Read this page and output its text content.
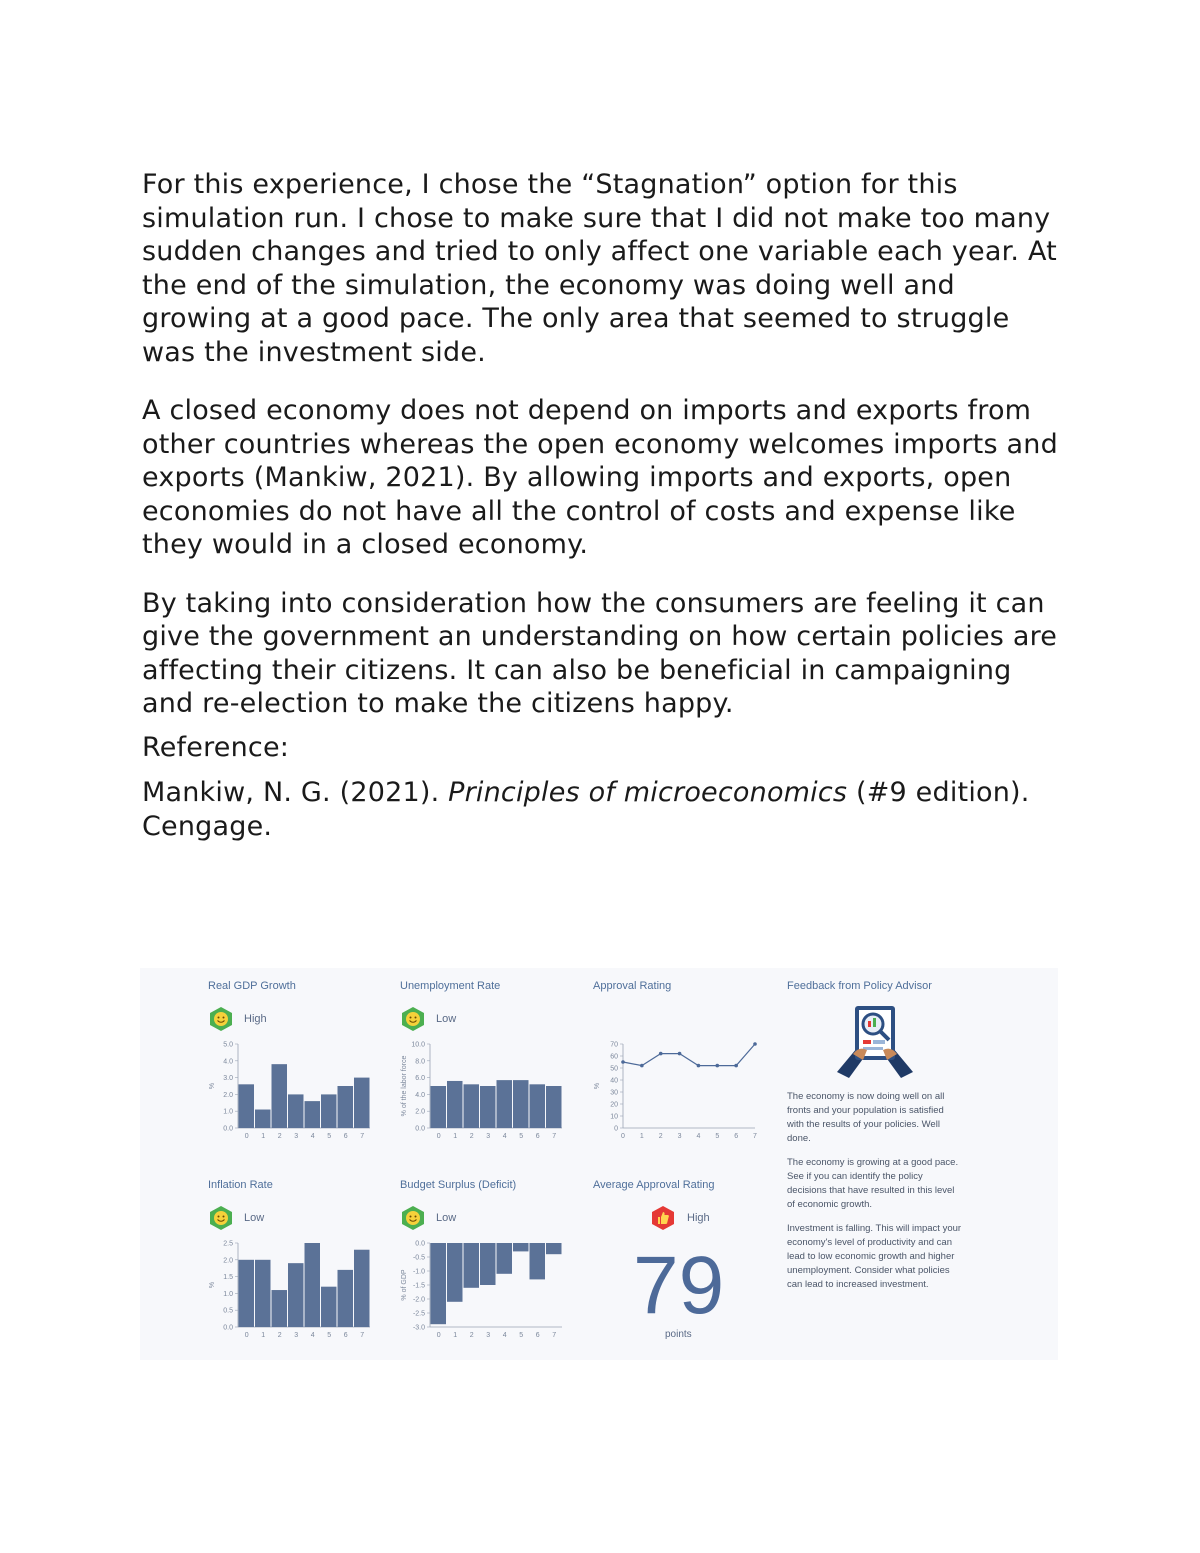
For this experience, I chose the “Stagnation” option for this simulation run. I chose to make sure that I did not make too many sudden changes and tried to only affect one variable each year. At the end of the simulation, the economy was doing well and growing at a good pace. The only area that seemed to struggle was the investment side.

A closed economy does not depend on imports and exports from other countries whereas the open economy welcomes imports and exports (Mankiw, 2021). By allowing imports and exports, open economies do not have all the control of costs and expense like they would in a closed economy.

By taking into consideration how the consumers are feeling it can give the government an understanding on how certain policies are affecting their citizens. It can also be beneficial in campaigning and re-election to make the citizens happy.

Reference:

Mankiw, N. G. (2021). Principles of microeconomics (#9 edition). Cengage.

Real GDP Growth
High
0.0
1.0
2.0
3.0
4.0
5.0
%
0 1 2 3 4 5 6 7
Unemployment Rate
Low
0.0
2.0
4.0
6.0
8.0
10.0
% of the labor force
0 1 2 3 4 5 6 7
Approval Rating
0
10
20
30
40
50
60
70
%
0 1 2 3 4 5 6 7
Feedback from Policy Advisor

The economy is now doing well on all fronts and your population is satisfied with the results of your policies. Well done.

The economy is growing at a good pace. See if you can identify the policy decisions that have resulted in this level of economic growth.

Investment is falling. This will impact your economy's level of productivity and can lead to low economic growth and higher unemployment. Consider what policies can lead to increased investment.

Inflation Rate
Low
0.0
0.5
1.0
1.5
2.0
2.5
%
0 1 2 3 4 5 6 7
Budget Surplus (Deficit)
Low
-3.0
-2.5
-2.0
-1.5
-1.0
-0.5
0.0
% of GDP
0 1 2 3 4 5 6 7
Average Approval Rating
High
79
points
